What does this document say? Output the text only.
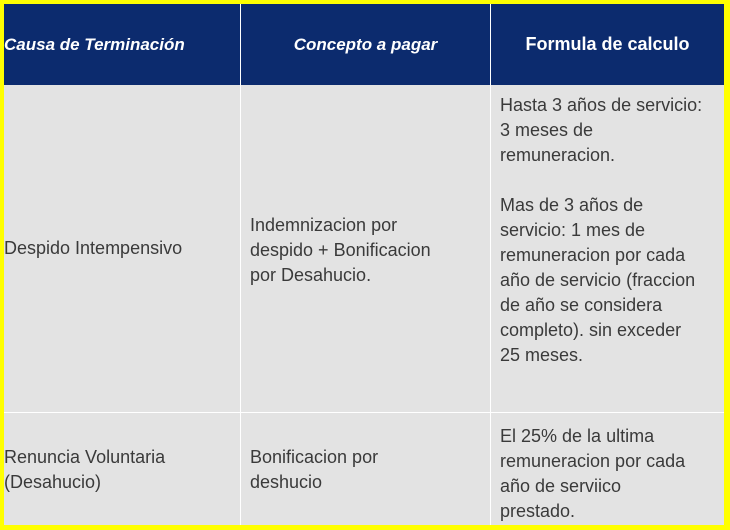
Causa de Terminación	Concepto a pagar	Formula de calculo
Despido Intempensivo
Indemnizacion por
despido + Bonificacion
por Desahucio.
Hasta 3 años de servicio:
3 meses de
remuneracion.
Mas de 3 años de
servicio: 1 mes de
remuneracion por cada
año de servicio (fraccion
de año se considera
completo). sin exceder
25 meses.
Renuncia Voluntaria
(Desahucio)
Bonificacion por
deshucio
El 25% de la ultima
remuneracion por cada
año de serviico
prestado.
